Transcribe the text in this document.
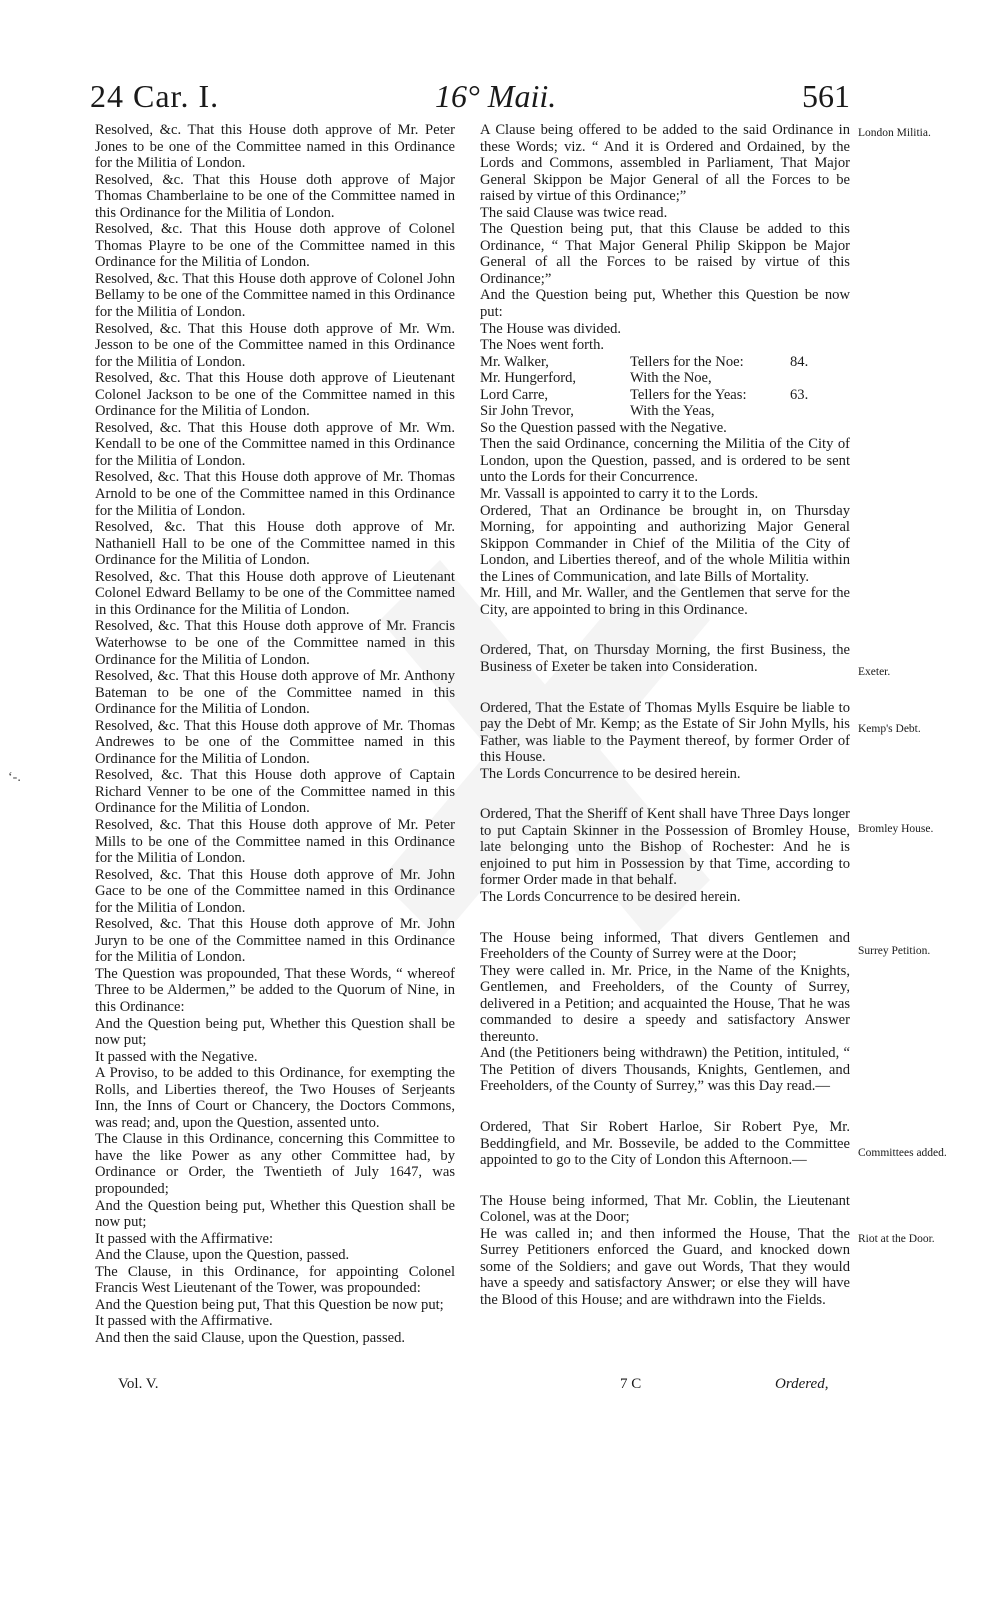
24 Car. I.	16° Maii.	561

Resolved, &c. That this House doth approve of Mr. Peter Jones to be one of the Committee named in this Ordinance for the Militia of London.

Resolved, &c. That this House doth approve of Major Thomas Chamberlaine to be one of the Committee named in this Ordinance for the Militia of London.

Resolved, &c. That this House doth approve of Colonel Thomas Playre to be one of the Committee named in this Ordinance for the Militia of London.

Resolved, &c. That this House doth approve of Colonel John Bellamy to be one of the Committee named in this Ordinance for the Militia of London.

Resolved, &c. That this House doth approve of Mr. Wm. Jesson to be one of the Committee named in this Ordinance for the Militia of London.

Resolved, &c. That this House doth approve of Lieutenant Colonel Jackson to be one of the Committee named in this Ordinance for the Militia of London.

Resolved, &c. That this House doth approve of Mr. Wm. Kendall to be one of the Committee named in this Ordinance for the Militia of London.

Resolved, &c. That this House doth approve of Mr. Thomas Arnold to be one of the Committee named in this Ordinance for the Militia of London.

Resolved, &c. That this House doth approve of Mr. Nathaniell Hall to be one of the Committee named in this Ordinance for the Militia of London.

Resolved, &c. That this House doth approve of Lieutenant Colonel Edward Bellamy to be one of the Committee named in this Ordinance for the Militia of London.

Resolved, &c. That this House doth approve of Mr. Francis Waterhowse to be one of the Committee named in this Ordinance for the Militia of London.

Resolved, &c. That this House doth approve of Mr. Anthony Bateman to be one of the Committee named in this Ordinance for the Militia of London.

Resolved, &c. That this House doth approve of Mr. Thomas Andrewes to be one of the Committee named in this Ordinance for the Militia of London.

Resolved, &c. That this House doth approve of Captain Richard Venner to be one of the Committee named in this Ordinance for the Militia of London.

Resolved, &c. That this House doth approve of Mr. Peter Mills to be one of the Committee named in this Ordinance for the Militia of London.

Resolved, &c. That this House doth approve of Mr. John Gace to be one of the Committee named in this Ordinance for the Militia of London.

Resolved, &c. That this House doth approve of Mr. John Juryn to be one of the Committee named in this Ordinance for the Militia of London.

The Question was propounded, That these Words, “ whereof Three to be Aldermen,” be added to the Quorum of Nine, in this Ordinance:

And the Question being put, Whether this Question shall be now put;

It passed with the Negative.

A Proviso, to be added to this Ordinance, for exempting the Rolls, and Liberties thereof, the Two Houses of Serjeants Inn, the Inns of Court or Chancery, the Doctors Commons, was read; and, upon the Question, assented unto.

The Clause in this Ordinance, concerning this Committee to have the like Power as any other Committee had, by Ordinance or Order, the Twentieth of July 1647, was propounded;

And the Question being put, Whether this Question shall be now put;

It passed with the Affirmative:

And the Clause, upon the Question, passed.

The Clause, in this Ordinance, for appointing Colonel Francis West Lieutenant of the Tower, was propounded:

And the Question being put, That this Question be now put;

It passed with the Affirmative.

And then the said Clause, upon the Question, passed.

A Clause being offered to be added to the said Ordinance in these Words; viz. “ And it is Ordered and Ordained, by the Lords and Commons, assembled in Parliament, That Major General Skippon be Major General of all the Forces to be raised by virtue of this Ordinance;”

The said Clause was twice read.

The Question being put, that this Clause be added to this Ordinance, “ That Major General Philip Skippon be Major General of all the Forces to be raised by virtue of this Ordinance;”

And the Question being put, Whether this Question be now put:

The House was divided.

The Noes went forth.

Mr. Walker,	Tellers for the Noe:	84.
Mr. Hungerford,	With the Noe,
Lord Carre,	Tellers for the Yeas:	63.
Sir John Trevor,	With the Yeas,

So the Question passed with the Negative.

Then the said Ordinance, concerning the Militia of the City of London, upon the Question, passed, and is ordered to be sent unto the Lords for their Concurrence.

Mr. Vassall is appointed to carry it to the Lords.

Ordered, That an Ordinance be brought in, on Thursday Morning, for appointing and authorizing Major General Skippon Commander in Chief of the Militia of the City of London, and Liberties thereof, and of the whole Militia within the Lines of Communication, and late Bills of Mortality.

Mr. Hill, and Mr. Waller, and the Gentlemen that serve for the City, are appointed to bring in this Ordinance.

Ordered, That, on Thursday Morning, the first Business, the Business of Exeter be taken into Consideration.

Ordered, That the Estate of Thomas Mylls Esquire be liable to pay the Debt of Mr. Kemp; as the Estate of Sir John Mylls, his Father, was liable to the Payment thereof, by former Order of this House.

The Lords Concurrence to be desired herein.

Ordered, That the Sheriff of Kent shall have Three Days longer to put Captain Skinner in the Possession of Bromley House, late belonging unto the Bishop of Rochester: And he is enjoined to put him in Possession by that Time, according to former Order made in that behalf.

The Lords Concurrence to be desired herein.

The House being informed, That divers Gentlemen and Freeholders of the County of Surrey were at the Door;

They were called in. Mr. Price, in the Name of the Knights, Gentlemen, and Freeholders, of the County of Surrey, delivered in a Petition; and acquainted the House, That he was commanded to desire a speedy and satisfactory Answer thereunto.

And (the Petitioners being withdrawn) the Petition, intituled, “ The Petition of divers Thousands, Knights, Gentlemen, and Freeholders, of the County of Surrey,” was this Day read.—

Ordered, That Sir Robert Harloe, Sir Robert Pye, Mr. Beddingfield, and Mr. Bossevile, be added to the Committee appointed to go to the City of London this Afternoon.—

The House being informed, That Mr. Coblin, the Lieutenant Colonel, was at the Door;

He was called in; and then informed the House, That the Surrey Petitioners enforced the Guard, and knocked down some of the Soldiers; and gave out Words, That they would have a speedy and satisfactory Answer; or else they will have the Blood of this House; and are withdrawn into the Fields.

London Militia.
Exeter.
Kemp's Debt.
Bromley House.
Surrey Petition.
Committees added.
Riot at the Door.
Vol. V.	7 C	Ordered,
‘-.
